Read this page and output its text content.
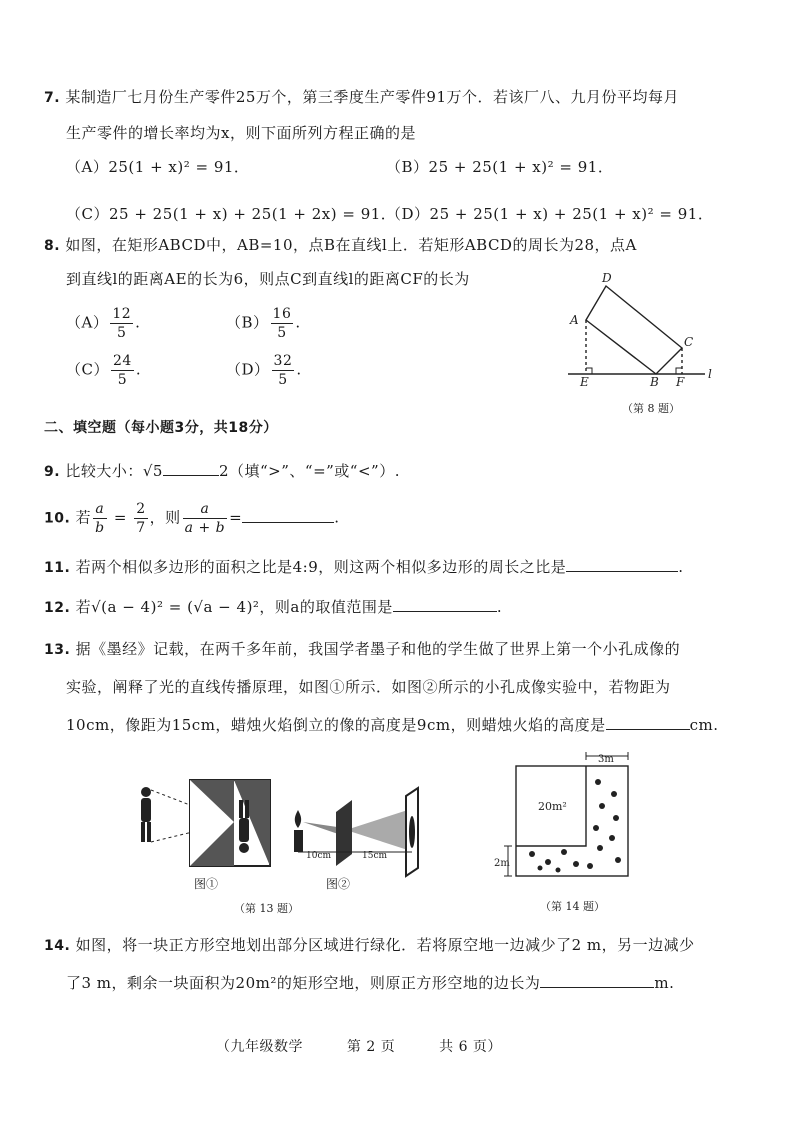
7. 某制造厂七月份生产零件25万个，第三季度生产零件91万个．若该厂八、九月份平均每月
生产零件的增长率均为x，则下面所列方程正确的是
（A）25(1 + x)² = 91．	（B）25 + 25(1 + x)² = 91．
（C）25 + 25(1 + x) + 25(1 + 2x) = 91．
（D）25 + 25(1 + x) + 25(1 + x)² = 91．
8. 如图，在矩形ABCD中，AB=10，点B在直线l上．若矩形ABCD的周长为28，点A
到直线l的距离AE的长为6，则点C到直线l的距离CF的长为
$(A) \frac{12}{5}$ .	$(B) \frac{16}{5}$ .
$(C) \frac{24}{5}$ .	$(D) \frac{32}{5}$ .
D
A
C
E	B F
l
（第 8 题）
二、填空题（每小题3分，共18分）
9. 比较大小：√5	2（填“>”、“=”或“<”）.
10. 若 $\frac{a}{b} = \frac{2}{7}$ ，则 $\frac{a}{a + b}$ =	.
11. 若两个相似多边形的面积之比是4:9，则这两个相似多边形的周长之比是	.
12. 若√(a − 4)² = (√a − 4)²，则a的取值范围是	.
13. 据《墨经》记载，在两千多年前，我国学者墨子和他的学生做了世界上第一个小孔成像的
实验，阐释了光的直线传播原理，如图①所示．如图②所示的小孔成像实验中，若物距为
10cm，像距为15cm，蜡烛火焰倒立的像的高度是9cm，则蜡烛火焰的高度是	cm.
图①
10cm	15cm
图②
（第 13 题）
3m
20m²
2m
（第 14 题）
14. 如图，将一块正方形空地划出部分区域进行绿化．若将原空地一边减少了2 m，另一边减少
了3 m，剩余一块面积为20m²的矩形空地，则原正方形空地的边长为	m.
（九年级数学	第 2 页	共 6 页）
